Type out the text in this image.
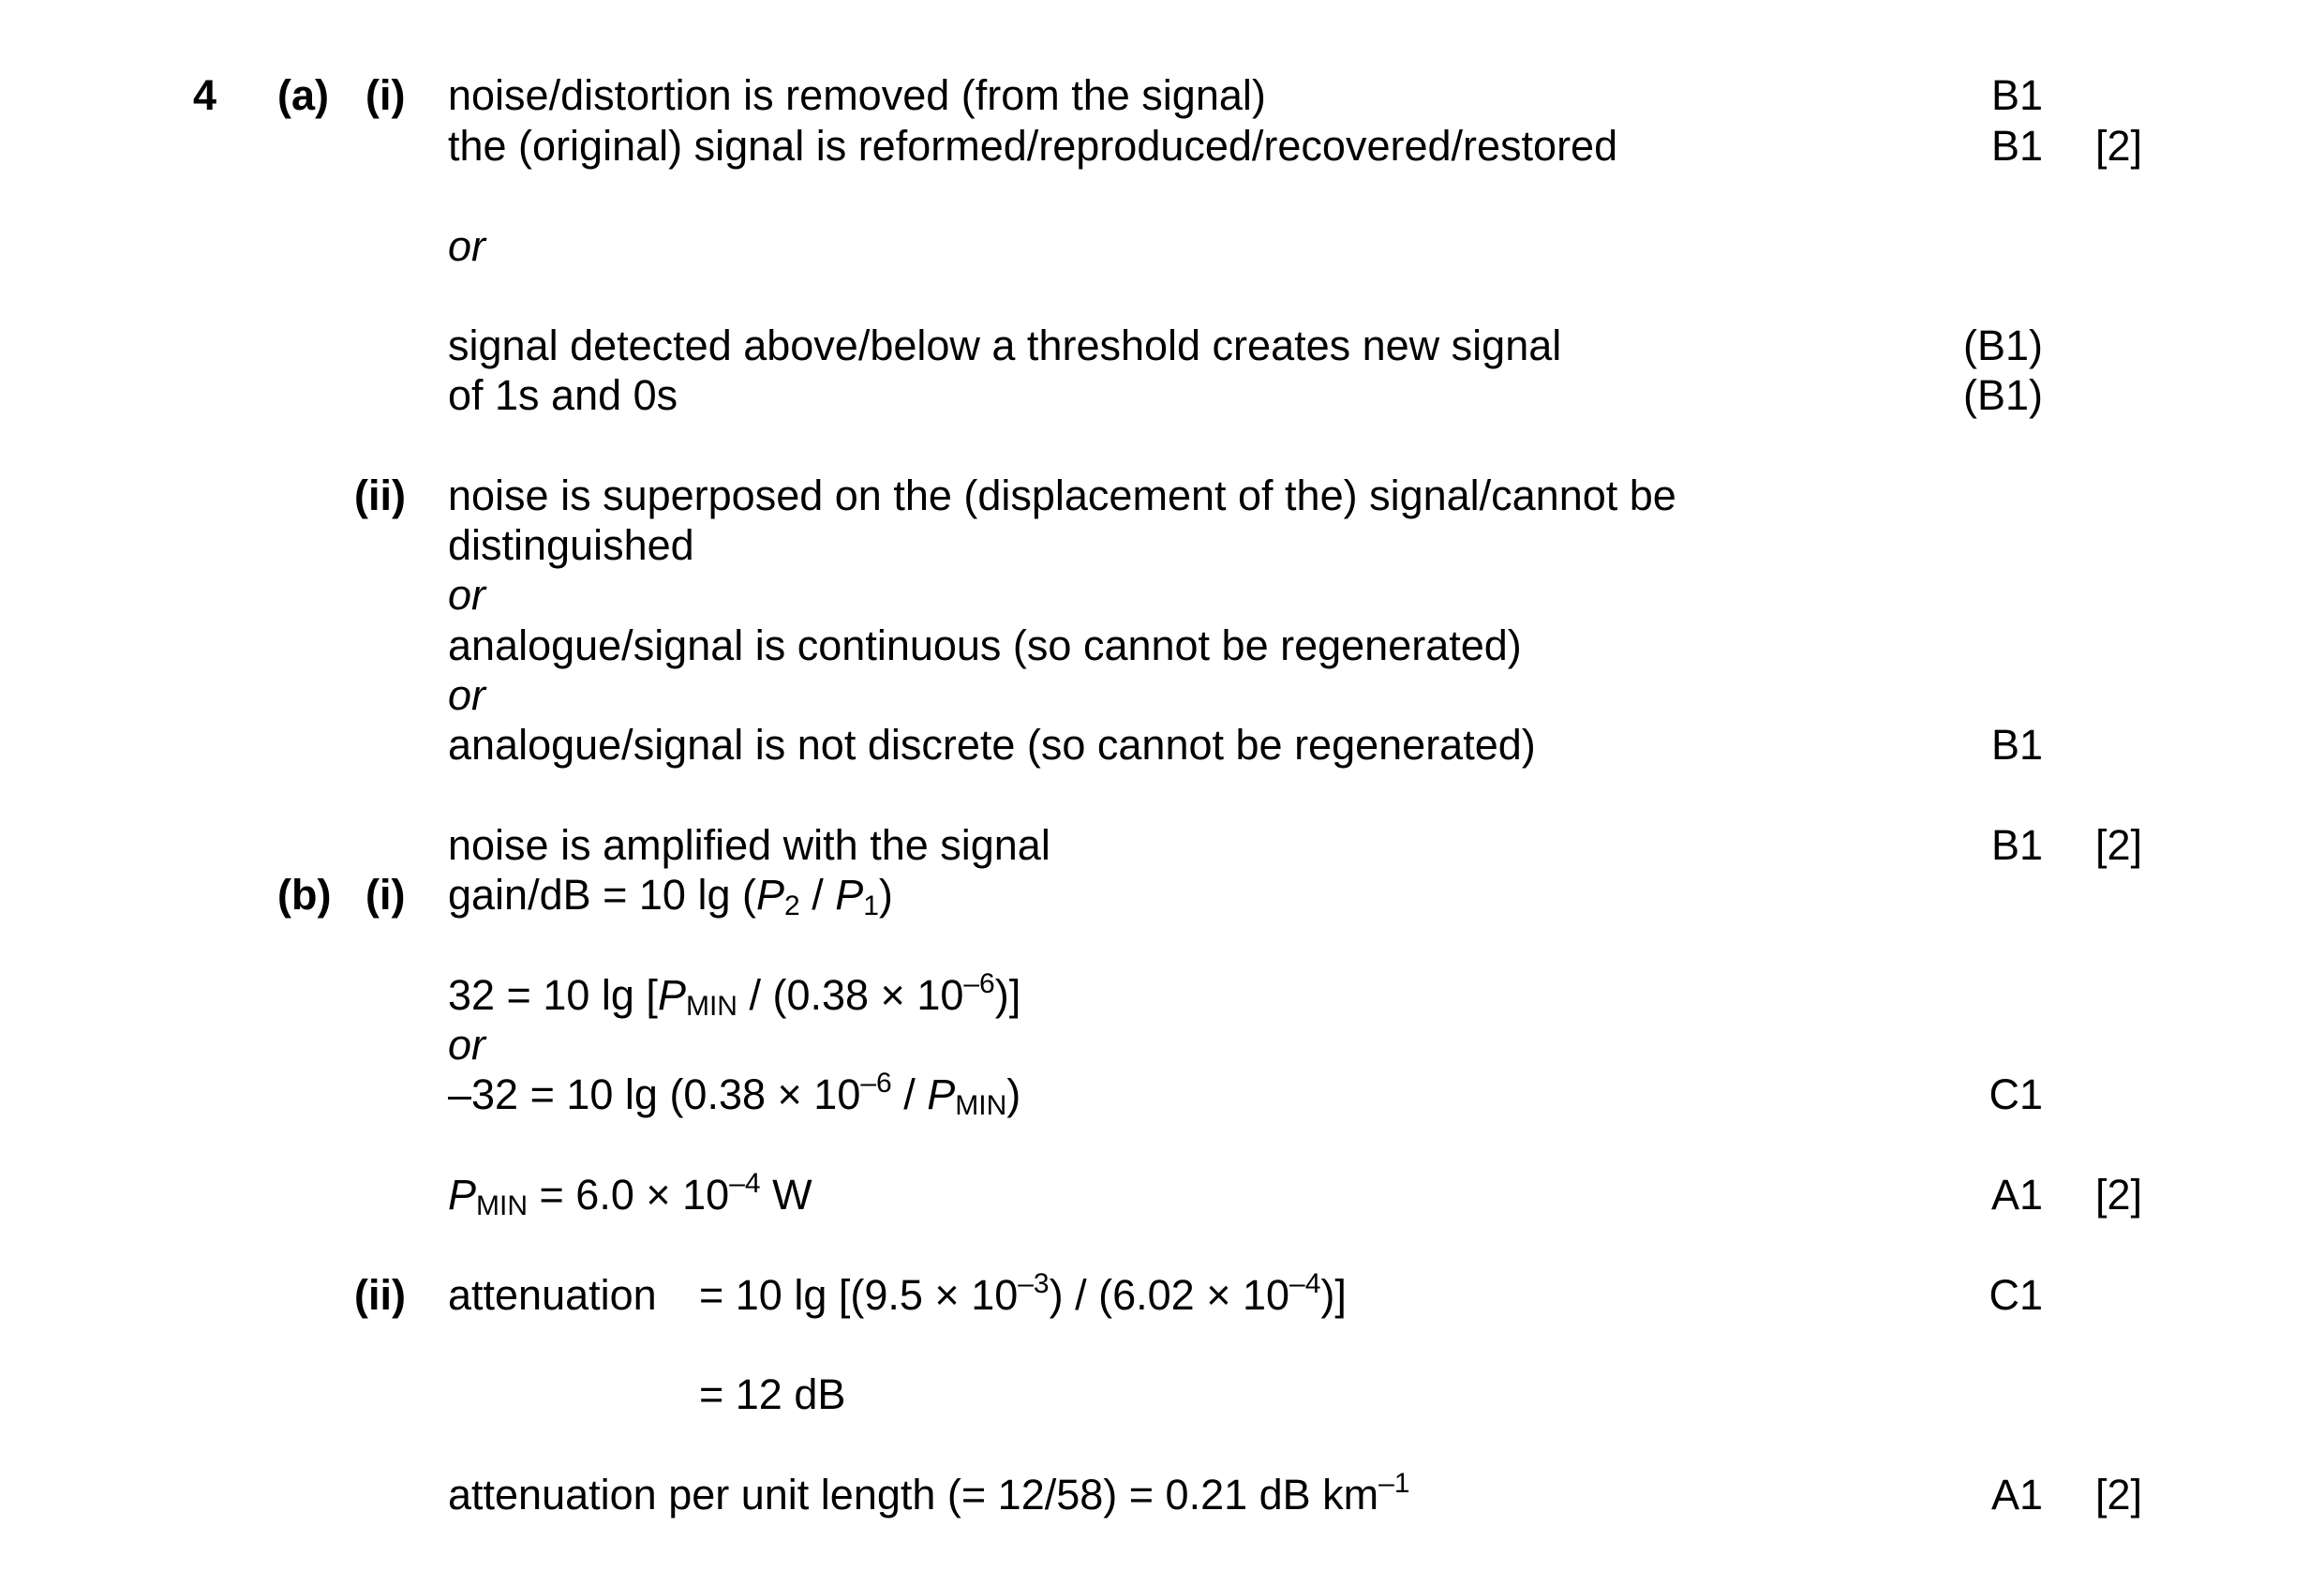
4 (a) (i) noise/distortion is removed (from the signal)	B1
the (original) signal is reformed/reproduced/recovered/restored	B1 [2]
or
signal detected above/below a threshold creates new signal	(B1)
of 1s and 0s	(B1)
(ii) noise is superposed on the (displacement of the) signal/cannot be
distinguished
or
analogue/signal is continuous (so cannot be regenerated)
or
analogue/signal is not discrete (so cannot be regenerated)	B1
noise is amplified with the signal	B1 [2]
(b) (i) gain/dB = 10 $\lg (P_2 / P_1)$
32 = 10 $\lg [P_{MIN} / (0.38 \times 10^{-6})]$
or
–32 = 10 $\lg (0.38 \times 10^{-6} / P_{MIN})$	C1
$P_{MIN} = 6.0 \times 10^{-4}$ W	A1 [2]
(ii) attenuation = 10 $\lg [(9.5 \times 10^{-3}) / (6.02 \times 10^{-4})]$	C1
= 12 dB
attenuation per unit length (= 12/58) = 0.21 dB $km^{-1}$	A1 [2]
